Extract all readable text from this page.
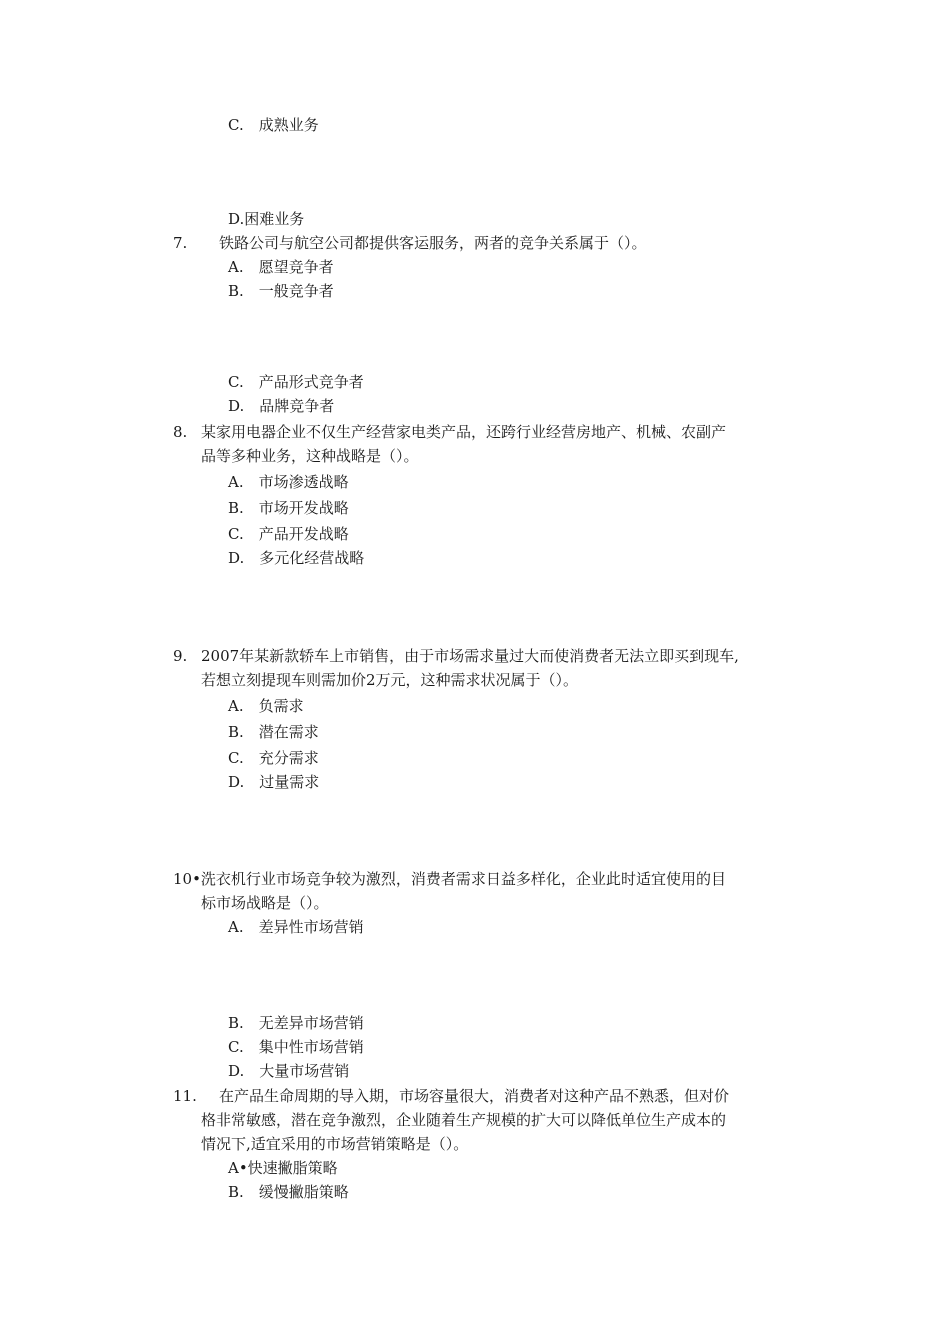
C. 成熟业务
D.困难业务
7. 铁路公司与航空公司都提供客运服务，两者的竞争关系属于（）。
A. 愿望竞争者
B. 一般竞争者
C. 产品形式竞争者
D. 品牌竞争者
8. 某家用电器企业不仅生产经营家电类产品，还跨行业经营房地产、机械、农副产
品等多种业务，这种战略是（）。
A. 市场渗透战略
B. 市场开发战略
C. 产品开发战略
D. 多元化经营战略
9. 2007年某新款轿车上市销售，由于市场需求量过大而使消费者无法立即买到现车,
若想立刻提现车则需加价2万元，这种需求状况属于（）。
A. 负需求
B. 潜在需求
C. 充分需求
D. 过量需求
10•洗衣机行业市场竞争较为激烈，消费者需求日益多样化，企业此时适宜使用的目
标市场战略是（）。
A. 差异性市场营销
B. 无差异市场营销
C. 集中性市场营销
D. 大量市场营销
11. 在产品生命周期的导入期，市场容量很大，消费者对这种产品不熟悉，但对价
格非常敏感，潜在竞争激烈，企业随着生产规模的扩大可以降低单位生产成本的
情况下,适宜采用的市场营销策略是（）。
A•快速撇脂策略
B. 缓慢撇脂策略
